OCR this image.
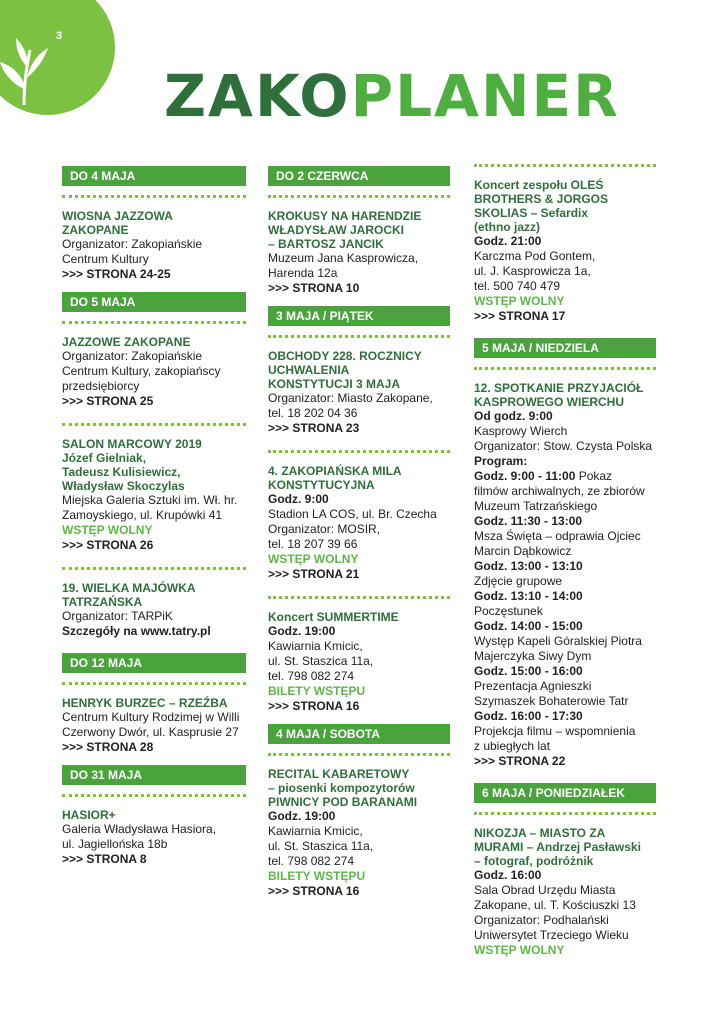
3
ZAKOPLANER
DO 4 MAJA
WIOSNA JAZZOWA
ZAKOPANE
Organizator: Zakopiańskie
Centrum Kultury
>>> STRONA 24-25
DO 5 MAJA
JAZZOWE ZAKOPANE
Organizator: Zakopiańskie
Centrum Kultury, zakopiańscy
przedsiębiorcy
>>> STRONA 25
SALON MARCOWY 2019
Józef Gielniak,
Tadeusz Kulisiewicz,
Władysław Skoczylas
Miejska Galeria Sztuki im. Wł. hr.
Zamoyskiego, ul. Krupówki 41
WSTĘP WOLNY
>>> STRONA 26
19. WIELKA MAJÓWKA
TATRZAŃSKA
Organizator: TARPiK
Szczegóły na www.tatry.pl
DO 12 MAJA
HENRYK BURZEC – RZEŹBA
Centrum Kultury Rodzimej w Willi
Czerwony Dwór, ul. Kasprusie 27
>>> STRONA 28
DO 31 MAJA
HASIOR+
Galeria Władysława Hasiora,
ul. Jagiellońska 18b
>>> STRONA 8
DO 2 CZERWCA
KROKUSY NA HARENDZIE
WŁADYSŁAW JAROCKI
– BARTOSZ JANCIK
Muzeum Jana Kasprowicza,
Harenda 12a
>>> STRONA 10
3 MAJA / PIĄTEK
OBCHODY 228. ROCZNICY
UCHWALENIA
KONSTYTUCJI 3 MAJA
Organizator: Miasto Zakopane,
tel. 18 202 04 36
>>> STRONA 23
4. ZAKOPIAŃSKA MILA
KONSTYTUCYJNA
Godz. 9:00
Stadion LA COS, ul. Br. Czecha
Organizator: MOSIR,
tel. 18 207 39 66
WSTĘP WOLNY
>>> STRONA 21
Koncert SUMMERTIME
Godz. 19:00
Kawiarnia Kmicic,
ul. St. Staszica 11a,
tel. 798 082 274
BILETY WSTĘPU
>>> STRONA 16
4 MAJA / SOBOTA
RECITAL KABARETOWY
– piosenki kompozytorów
PIWNICY POD BARANAMI
Godz. 19:00
Kawiarnia Kmicic,
ul. St. Staszica 11a,
tel. 798 082 274
BILETY WSTĘPU
>>> STRONA 16
Koncert zespołu OLEŚ
BROTHERS & JORGOS
SKOLIAS – Sefardix
(ethno jazz)
Godz. 21:00
Karczma Pod Gontem,
ul. J. Kasprowicza 1a,
tel. 500 740 479
WSTĘP WOLNY
>>> STRONA 17
5 MAJA / NIEDZIELA
12. SPOTKANIE PRZYJACIÓŁ
KASPROWEGO WIERCHU
Od godz. 9:00
Kasprowy Wierch
Organizator: Stow. Czysta Polska
Program:
Godz. 9:00 - 11:00 Pokaz
filmów archiwalnych, ze zbiorów
Muzeum Tatrzańskiego
Godz. 11:30 - 13:00
Msza Święta – odprawia Ojciec
Marcin Dąbkowicz
Godz. 13:00 - 13:10
Zdjęcie grupowe
Godz. 13:10 - 14:00
Poczęstunek
Godz. 14:00 - 15:00
Występ Kapeli Góralskiej Piotra
Majerczyka Siwy Dym
Godz. 15:00 - 16:00
Prezentacja Agnieszki
Szymaszek Bohaterowie Tatr
Godz. 16:00 - 17:30
Projekcja filmu – wspomnienia
z ubiegłych lat
>>> STRONA 22
6 MAJA / PONIEDZIAŁEK
NIKOZJA – MIASTO ZA
MURAMI – Andrzej Pasławski
– fotograf, podróżnik
Godz. 16:00
Sala Obrad Urzędu Miasta
Zakopane, ul. T. Kościuszki 13
Organizator: Podhalański
Uniwersytet Trzeciego Wieku
WSTĘP WOLNY
